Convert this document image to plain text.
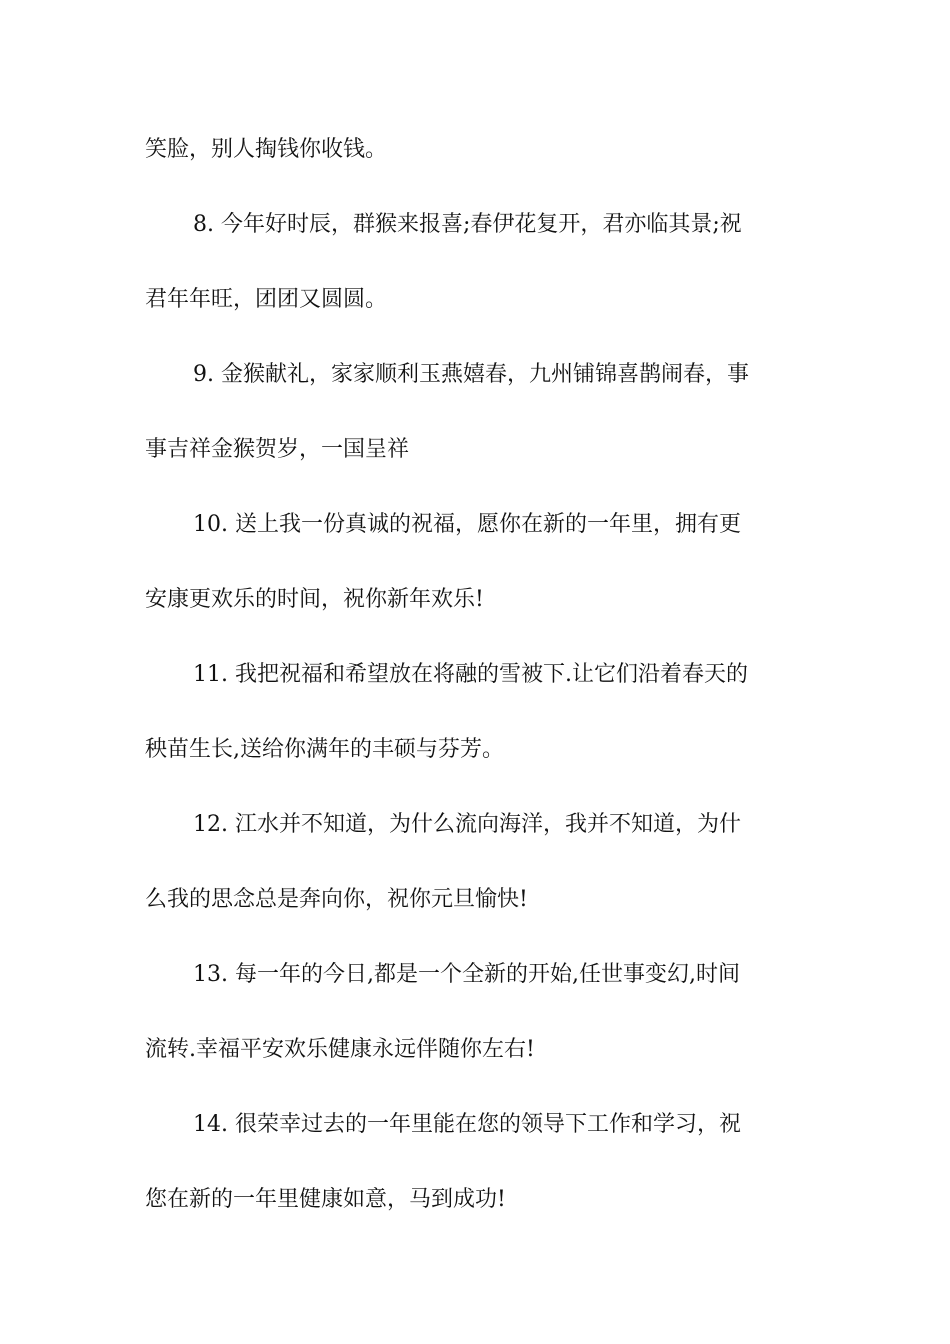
笑脸，别人掏钱你收钱。
8. 今年好时辰，群猴来报喜;春伊花复开，君亦临其景;祝
君年年旺，团团又圆圆。
9. 金猴献礼，家家顺利玉燕嬉春，九州铺锦喜鹊闹春，事
事吉祥金猴贺岁，一国呈祥
10. 送上我一份真诚的祝福，愿你在新的一年里，拥有更
安康更欢乐的时间，祝你新年欢乐!
11. 我把祝福和希望放在将融的雪被下.让它们沿着春天的
秧苗生长,送给你满年的丰硕与芬芳。
12. 江水并不知道，为什么流向海洋，我并不知道，为什
么我的思念总是奔向你，祝你元旦愉快!
13. 每一年的今日,都是一个全新的开始,任世事变幻,时间
流转.幸福平安欢乐健康永远伴随你左右!
14. 很荣幸过去的一年里能在您的领导下工作和学习，祝
您在新的一年里健康如意，马到成功!
